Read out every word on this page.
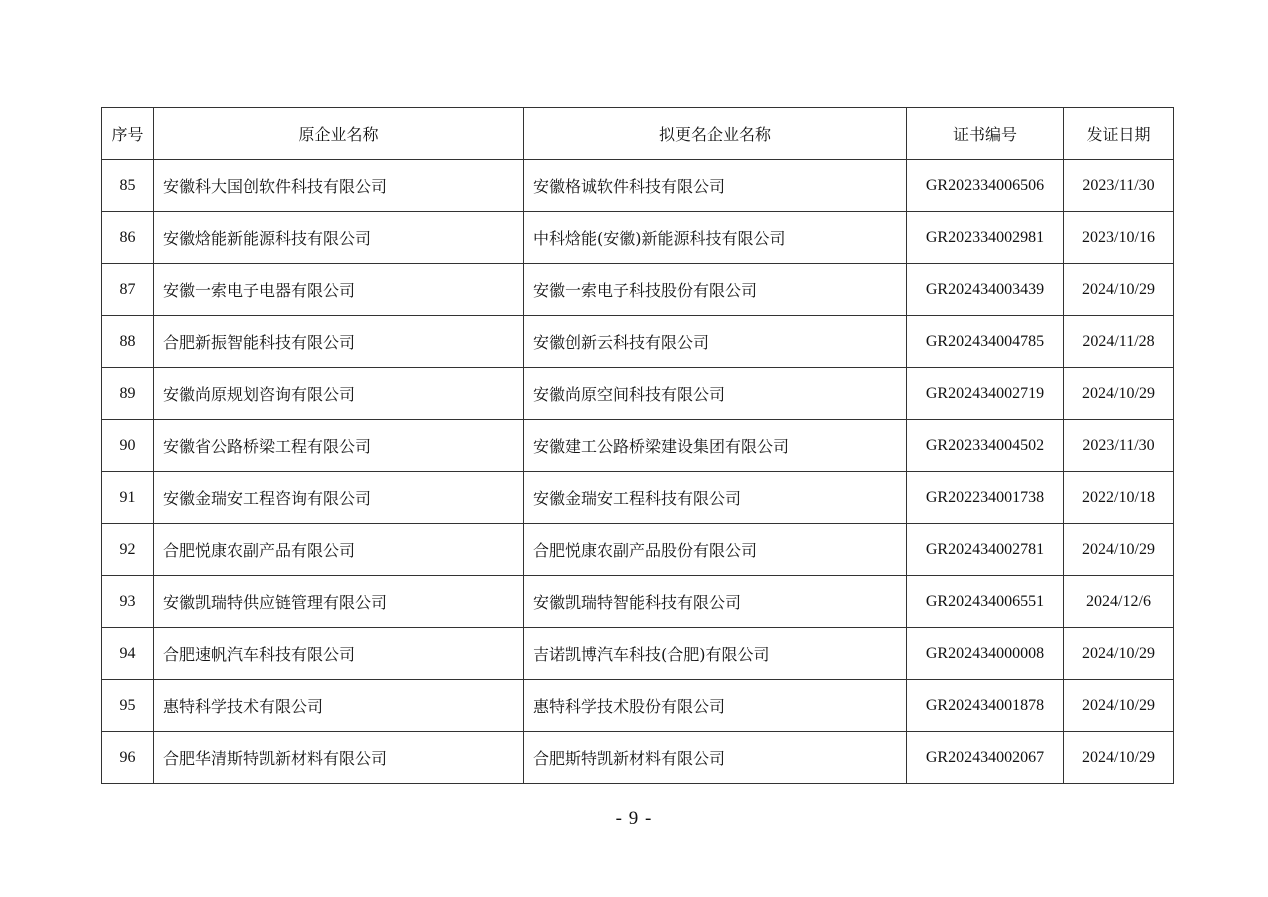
序号	原企业名称	拟更名企业名称	证书编号	发证日期
85	安徽科大国创软件科技有限公司	安徽格诚软件科技有限公司	GR202334006506	2023/11/30
86	安徽焓能新能源科技有限公司	中科焓能(安徽)新能源科技有限公司	GR202334002981	2023/10/16
87	安徽一索电子电器有限公司	安徽一索电子科技股份有限公司	GR202434003439	2024/10/29
88	合肥新振智能科技有限公司	安徽创新云科技有限公司	GR202434004785	2024/11/28
89	安徽尚原规划咨询有限公司	安徽尚原空间科技有限公司	GR202434002719	2024/10/29
90	安徽省公路桥梁工程有限公司	安徽建工公路桥梁建设集团有限公司	GR202334004502	2023/11/30
91	安徽金瑞安工程咨询有限公司	安徽金瑞安工程科技有限公司	GR202234001738	2022/10/18
92	合肥悦康农副产品有限公司	合肥悦康农副产品股份有限公司	GR202434002781	2024/10/29
93	安徽凯瑞特供应链管理有限公司	安徽凯瑞特智能科技有限公司	GR202434006551	2024/12/6
94	合肥速帆汽车科技有限公司	吉诺凯博汽车科技(合肥)有限公司	GR202434000008	2024/10/29
95	惠特科学技术有限公司	惠特科学技术股份有限公司	GR202434001878	2024/10/29
96	合肥华清斯特凯新材料有限公司	合肥斯特凯新材料有限公司	GR202434002067	2024/10/29
- 9 -
